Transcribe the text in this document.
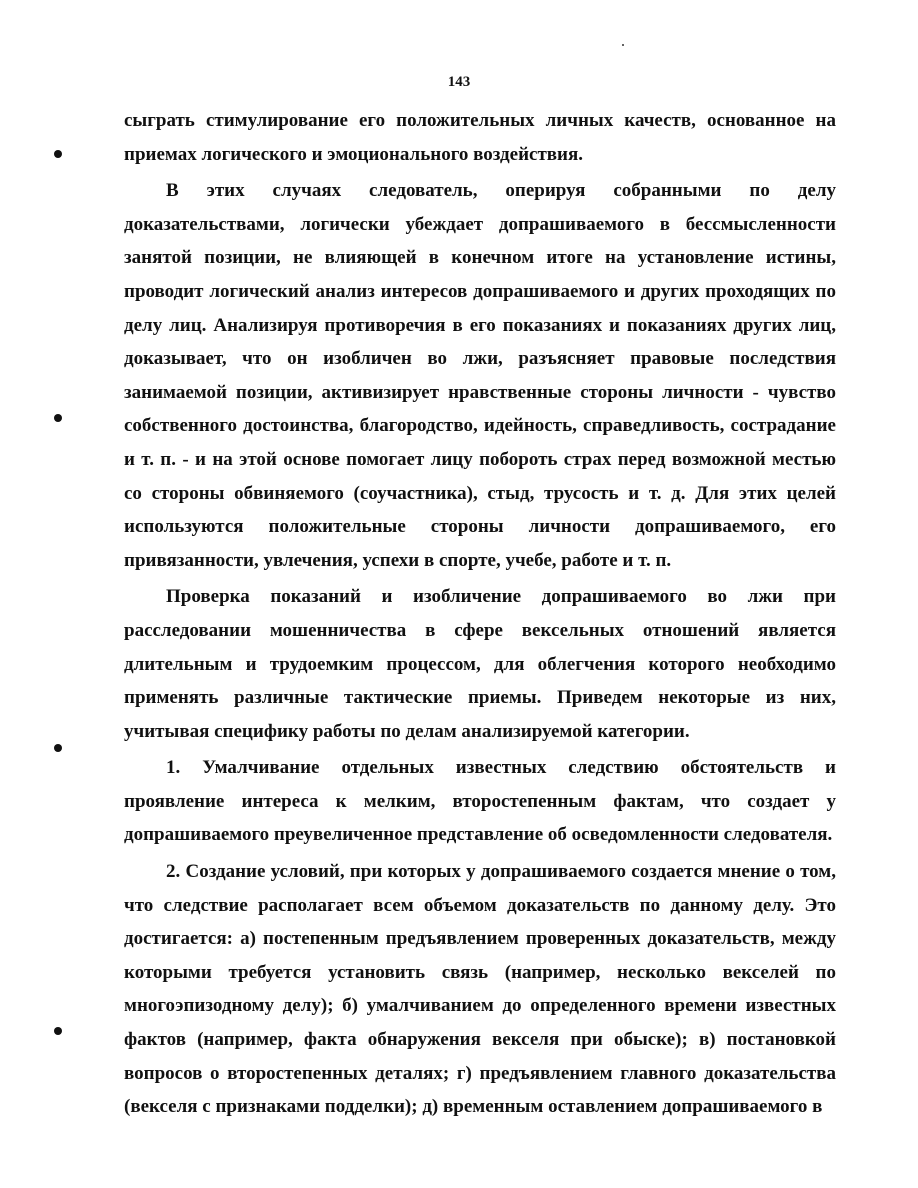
143

сыграть стимулирование его положительных личных качеств, основанное на приемах логического и эмоционального воздействия.

В этих случаях следователь, оперируя собранными по делу доказательствами, логически убеждает допрашиваемого в бессмысленности занятой позиции, не влияющей в конечном итоге на установление истины, проводит логический анализ интересов допрашиваемого и других проходящих по делу лиц. Анализируя противоречия в его показаниях и показаниях других лиц, доказывает, что он изобличен во лжи, разъясняет правовые последствия занимаемой позиции, активизирует нравственные стороны личности - чувство собственного достоинства, благородство, идейность, справедливость, сострадание и т. п. - и на этой основе помогает лицу побороть страх перед возможной местью со стороны обвиняемого (соучастника), стыд, трусость и т. д. Для этих целей используются положительные стороны личности допрашиваемого, его привязанности, увлечения, успехи в спорте, учебе, работе и т. п.

Проверка показаний и изобличение допрашиваемого во лжи при расследовании мошенничества в сфере вексельных отношений является длительным и трудоемким процессом, для облегчения которого необходимо применять различные тактические приемы. Приведем некоторые из них, учитывая специфику работы по делам анализируемой категории.

1. Умалчивание отдельных известных следствию обстоятельств и проявление интереса к мелким, второстепенным фактам, что создает у допрашиваемого преувеличенное представление об осведомленности следователя.

2. Создание условий, при которых у допрашиваемого создается мнение о том, что следствие располагает всем объемом доказательств по данному делу. Это достигается: а) постепенным предъявлением проверенных доказательств, между которыми требуется установить связь (например, несколько векселей по многоэпизодному делу); б) умалчиванием до определенного времени известных фактов (например, факта обнаружения векселя при обыске); в) постановкой вопросов о второстепенных деталях; г) предъявлением главного доказательства (векселя с признаками подделки); д) временным оставлением допрашиваемого в
